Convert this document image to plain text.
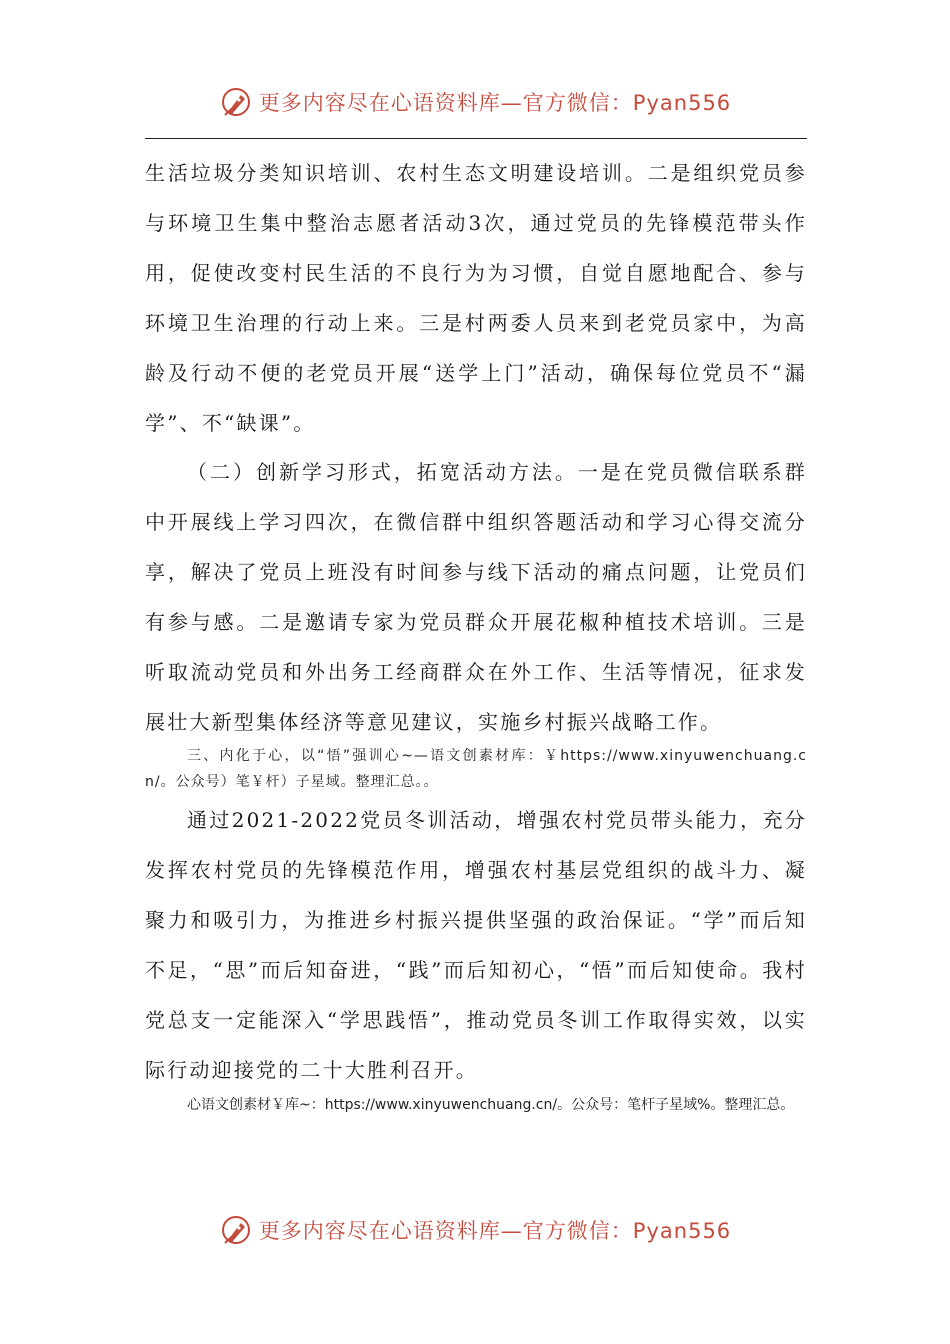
更多内容尽在心语资料库—官方微信：Pyan556

生活垃圾分类知识培训、农村生态文明建设培训。二是组织党员参与环境卫生集中整治志愿者活动3次，通过党员的先锋模范带头作用，促使改变村民生活的不良行为为习惯，自觉自愿地配合、参与环境卫生治理的行动上来。三是村两委人员来到老党员家中，为高龄及行动不便的老党员开展“送学上门”活动，确保每位党员不“漏学”、不“缺课”。

（二）创新学习形式，拓宽活动方法。一是在党员微信联系群中开展线上学习四次，在微信群中组织答题活动和学习心得交流分享，解决了党员上班没有时间参与线下活动的痛点问题，让党员们有参与感。二是邀请专家为党员群众开展花椒种植技术培训。三是听取流动党员和外出务工经商群众在外工作、生活等情况，征求发展壮大新型集体经济等意见建议，实施乡村振兴战略工作。

三、内化于心，以“悟”强训心~—语文创素材库：￥https://www.xinyuwenchuang.cn/。公众号）笔￥杆）子星域。整理汇总。。

通过2021-2022党员冬训活动，增强农村党员带头能力，充分发挥农村党员的先锋模范作用，增强农村基层党组织的战斗力、凝聚力和吸引力，为推进乡村振兴提供坚强的政治保证。“学”而后知不足，“思”而后知奋进，“践”而后知初心，“悟”而后知使命。我村党总支一定能深入“学思践悟”，推动党员冬训工作取得实效，以实际行动迎接党的二十大胜利召开。

心语文创素材￥库~：https://www.xinyuwenchuang.cn/。公众号：笔杆子星域%。整理汇总。

更多内容尽在心语资料库—官方微信：Pyan556
